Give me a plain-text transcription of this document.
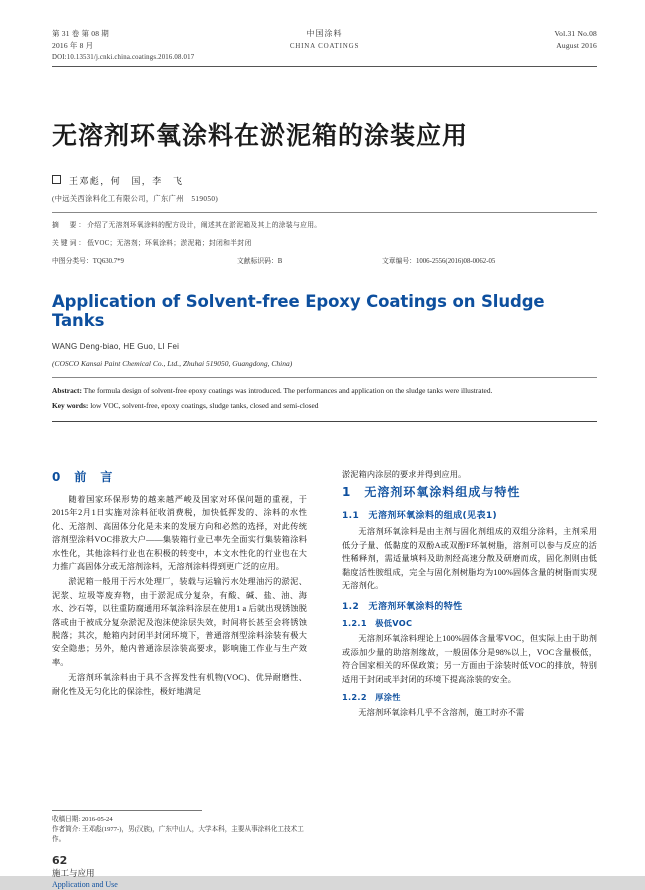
第 31 卷 第 08 期
2016 年 8 月
中国涂料
CHINA COATINGS
Vol.31 No.08
August 2016
DOI:10.13531/j.cnki.china.coatings.2016.08.017
无溶剂环氧涂料在淤泥箱的涂装应用
王邓彪，何　国，李　飞
(中远关西涂料化工有限公司，广东广州　519050)
摘　要：介绍了无溶剂环氧涂料的配方设计，阐述其在淤泥箱及其上的涂装与应用。
关键词：低VOC；无溶剂；环氧涂料；淤泥箱；封闭和半封闭
中图分类号：TQ630.7*9	文献标识码：B	文章编号：1006-2556(2016)08-0062-05
Application of Solvent-free Epoxy Coatings on Sludge Tanks
WANG Deng-biao, HE Guo, LI Fei
(COSCO Kansai Paint Chemical Co., Ltd., Zhuhai 519050, Guangdong, China)
Abstract: The formula design of solvent-free epoxy coatings was introduced. The performances and application on the sludge tanks were illustrated.
Key words: low VOC, solvent-free, epoxy coatings, sludge tanks, closed and semi-closed
0　前　言

随着国家环保形势的越来越严峻及国家对环保问题的重视，于2015年2月1日实施对涂料征收消费税，加快低挥发的、涂料的水性化、无溶剂、高固体分化是未来的发展方向和必然的选择，对此传统溶剂型涂料VOC排放大户——集装箱行业已率先全面实行集装箱涂料水性化，其他涂料行业也在积极的转变中，本文水性化的行业也在大力推广高固体分或无溶剂涂料，无溶剂涂料得到更广泛的应用。

淤泥箱一般用于污水处理厂，装载与运输污水处理油污的淤泥、泥浆、垃圾等废弃物，由于淤泥成分复杂，有酸、碱、盐、油、海水、沙石等，以往重防腐通用环氧涂料涂层在使用1 a 后就出现锈蚀脱落或由于被成分复杂淤泥及泡沫使涂层失效，时间将长甚至会将锈蚀脱落；其次，舱箱内封闭半封闭环境下，普通溶剂型涂料涂装有极大安全隐患；另外，舱内普通涂层涂装高要求，影响施工作业与生产效率。

无溶剂环氧涂料由于具不含挥发性有机物(VOC)、优异耐磨性、耐化性及无匀化比的保涂性，极好地满足

淤泥箱内涂层的要求并得到应用。

1　无溶剂环氧涂料组成与特性
1.1　无溶剂环氧涂料的组成(见表1)

无溶剂环氧涂料是由主剂与固化剂组成的双组分涂料，主剂采用低分子量、低黏度的双酚A或双酚F环氧树脂，溶剂可以参与反应的活性稀释剂，需适量填料及助剂经高速分散及研磨而成，固化剂则由低黏度活性胺组成，完全与固化剂树脂均为100%固体含量的树脂而实现无溶剂化。

1.2　无溶剂环氧涂料的特性
1.2.1　极低VOC

无溶剂环氧涂料理论上100%固体含量零VOC，但实际上由于助剂或添加少量的助溶剂缘故，一般固体分是98%以上，VOC含量极低，符合国家相关的环保政策；另一方面由于涂装时低VOC的排放，特别适用于封闭或半封闭的环境下提高涂装的安全。

1.2.2　厚涂性

无溶剂环氧涂料几乎不含溶剂，施工时亦不需

收稿日期: 2016-05-24
作者简介: 王邓彪(1977-)，男(汉族)，广东中山人，大学本科，主要从事涂料化工技术工作。
62
施工与应用
Application and Use
